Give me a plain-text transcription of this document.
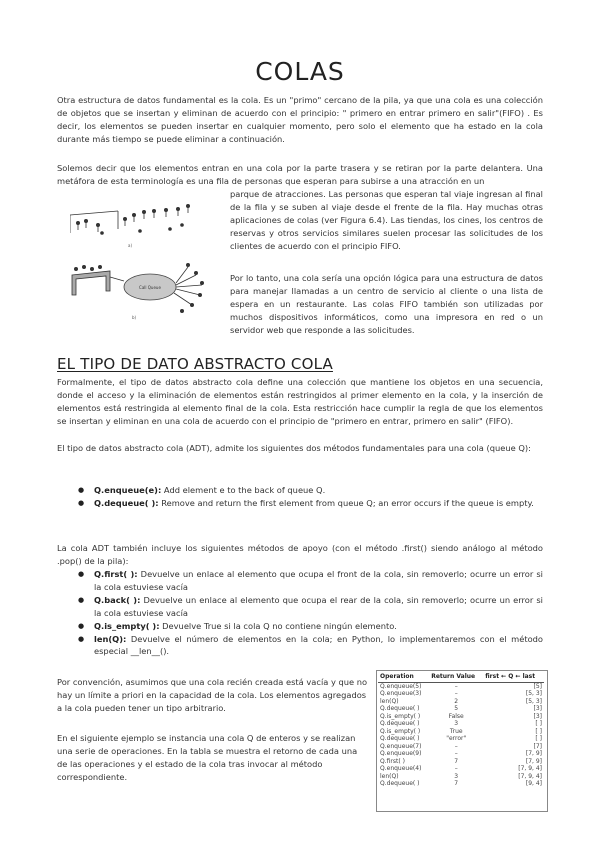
COLAS

Otra estructura de datos fundamental es la cola. Es un "primo" cercano de la pila, ya que una cola es una colección de objetos que se insertan y eliminan de acuerdo con el principio: " primero en entrar primero en salir"(FIFO) . Es decir, los elementos se pueden insertar en cualquier momento, pero solo el elemento que ha estado en la cola durante más tiempo se puede eliminar a continuación.

Solemos decir que los elementos entran en una cola por la parte trasera y se retiran por la parte delantera. Una metáfora de esta terminología es una fila de personas que esperan para subirse a una atracción en un

parque de atracciones. Las personas que esperan tal viaje ingresan al final de la fila y se suben al viaje desde el frente de la fila. Hay muchas otras aplicaciones de colas (ver Figura 6.4). Las tiendas, los cines, los centros de reservas y otros servicios similares suelen procesar las solicitudes de los clientes de acuerdo con el principio FIFO.

Por lo tanto, una cola sería una opción lógica para una estructura de datos para manejar llamadas a un centro de servicio al cliente o una lista de espera en un restaurante. Las colas FIFO también son utilizadas por muchos dispositivos informáticos, como una impresora en red o un servidor web que responde a las solicitudes.

a)
Call Queue
b)
EL TIPO DE DATO ABSTRACTO COLA

Formalmente, el tipo de datos abstracto cola define una colección que mantiene los objetos en una secuencia, donde el acceso y la eliminación de elementos están restringidos al primer elemento en la cola, y la inserción de elementos está restringida al elemento final de la cola. Esta restricción hace cumplir la regla de que los elementos se insertan y eliminan en una cola de acuerdo con el principio de "primero en entrar, primero en salir" (FIFO).

El tipo de datos abstracto cola (ADT), admite los siguientes dos métodos fundamentales para una cola (queue Q):

● Q.enqueue(e): Add element e to the back of queue Q.
● Q.dequeue( ): Remove and return the first element from queue Q; an error occurs if the queue is empty.

La cola ADT también incluye los siguientes métodos de apoyo (con el método .first() siendo análogo al método .pop() de la pila):

● Q.first( ): Devuelve un enlace al elemento que ocupa el front de la cola, sin removerlo; ocurre un error si la cola estuviese vacía
● Q.back( ): Devuelve un enlace al elemento que ocupa el rear de la cola, sin removerlo; ocurre un error si la cola estuviese vacía
● Q.is_empty( ): Devuelve True si la cola Q no contiene ningún elemento.
● len(Q): Devuelve el número de elementos en la cola; en Python, lo implementaremos con el método especial __len__().

Por convención, asumimos que una cola recién creada está vacía y que no hay un límite a priori en la capacidad de la cola. Los elementos agregados a la cola pueden tener un tipo arbitrario.

En el siguiente ejemplo se instancia una cola Q de enteros y se realizan una serie de operaciones. En la tabla se muestra el retorno de cada una de las operaciones y el estado de la cola tras invocar al método correspondiente.

Operation	Return Value	first ← Q ← last
Q.enqueue(5)	–	[5]
Q.enqueue(3)	–	[5, 3]
len(Q)	2	[5, 3]
Q.dequeue( )	5	[3]
Q.is_empty( )	False	[3]
Q.dequeue( )	3	[ ]
Q.is_empty( )	True	[ ]
Q.dequeue( )	"error"	[ ]
Q.enqueue(7)	–	[7]
Q.enqueue(9)	–	[7, 9]
Q.first( )	7	[7, 9]
Q.enqueue(4)	–	[7, 9, 4]
len(Q)	3	[7, 9, 4]
Q.dequeue( )	7	[9, 4]
